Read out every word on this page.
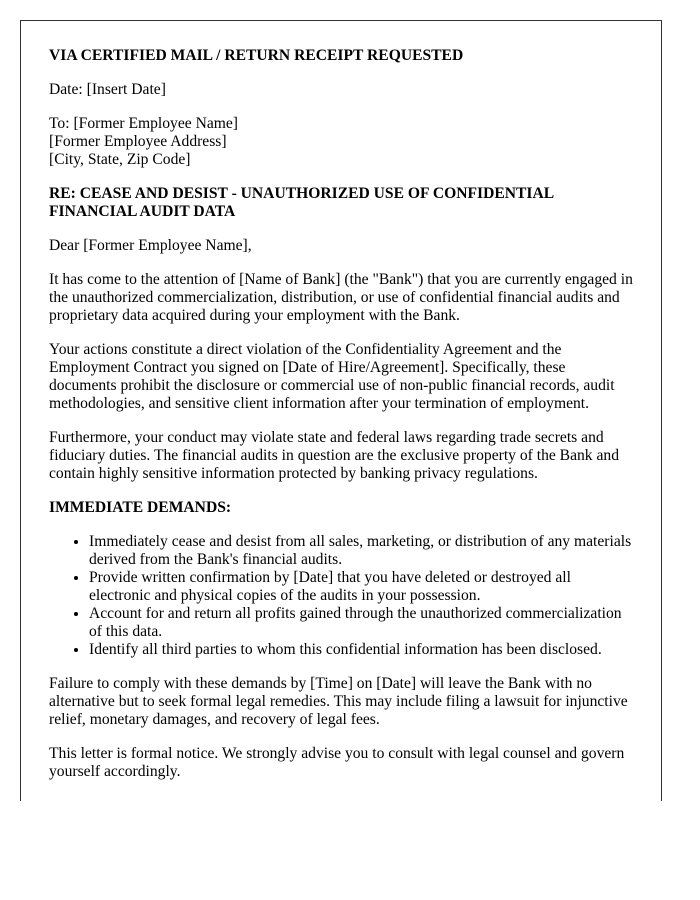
VIA CERTIFIED MAIL / RETURN RECEIPT REQUESTED

Date: [Insert Date]

To: [Former Employee Name]
[Former Employee Address]
[City, State, Zip Code]
RE: CEASE AND DESIST - UNAUTHORIZED USE OF CONFIDENTIAL FINANCIAL AUDIT DATA

Dear [Former Employee Name],

It has come to the attention of [Name of Bank] (the "Bank") that you are currently engaged in the unauthorized commercialization, distribution, or use of confidential financial audits and proprietary data acquired during your employment with the Bank.

Your actions constitute a direct violation of the Confidentiality Agreement and the Employment Contract you signed on [Date of Hire/Agreement]. Specifically, these documents prohibit the disclosure or commercial use of non-public financial records, audit methodologies, and sensitive client information after your termination of employment.

Furthermore, your conduct may violate state and federal laws regarding trade secrets and fiduciary duties. The financial audits in question are the exclusive property of the Bank and contain highly sensitive information protected by banking privacy regulations.

IMMEDIATE DEMANDS:
• Immediately cease and desist from all sales, marketing, or distribution of any materials derived from the Bank's financial audits.
• Provide written confirmation by [Date] that you have deleted or destroyed all electronic and physical copies of the audits in your possession.
• Account for and return all profits gained through the unauthorized commercialization of this data.
• Identify all third parties to whom this confidential information has been disclosed.

Failure to comply with these demands by [Time] on [Date] will leave the Bank with no alternative but to seek formal legal remedies. This may include filing a lawsuit for injunctive relief, monetary damages, and recovery of legal fees.

This letter is formal notice. We strongly advise you to consult with legal counsel and govern yourself accordingly.
